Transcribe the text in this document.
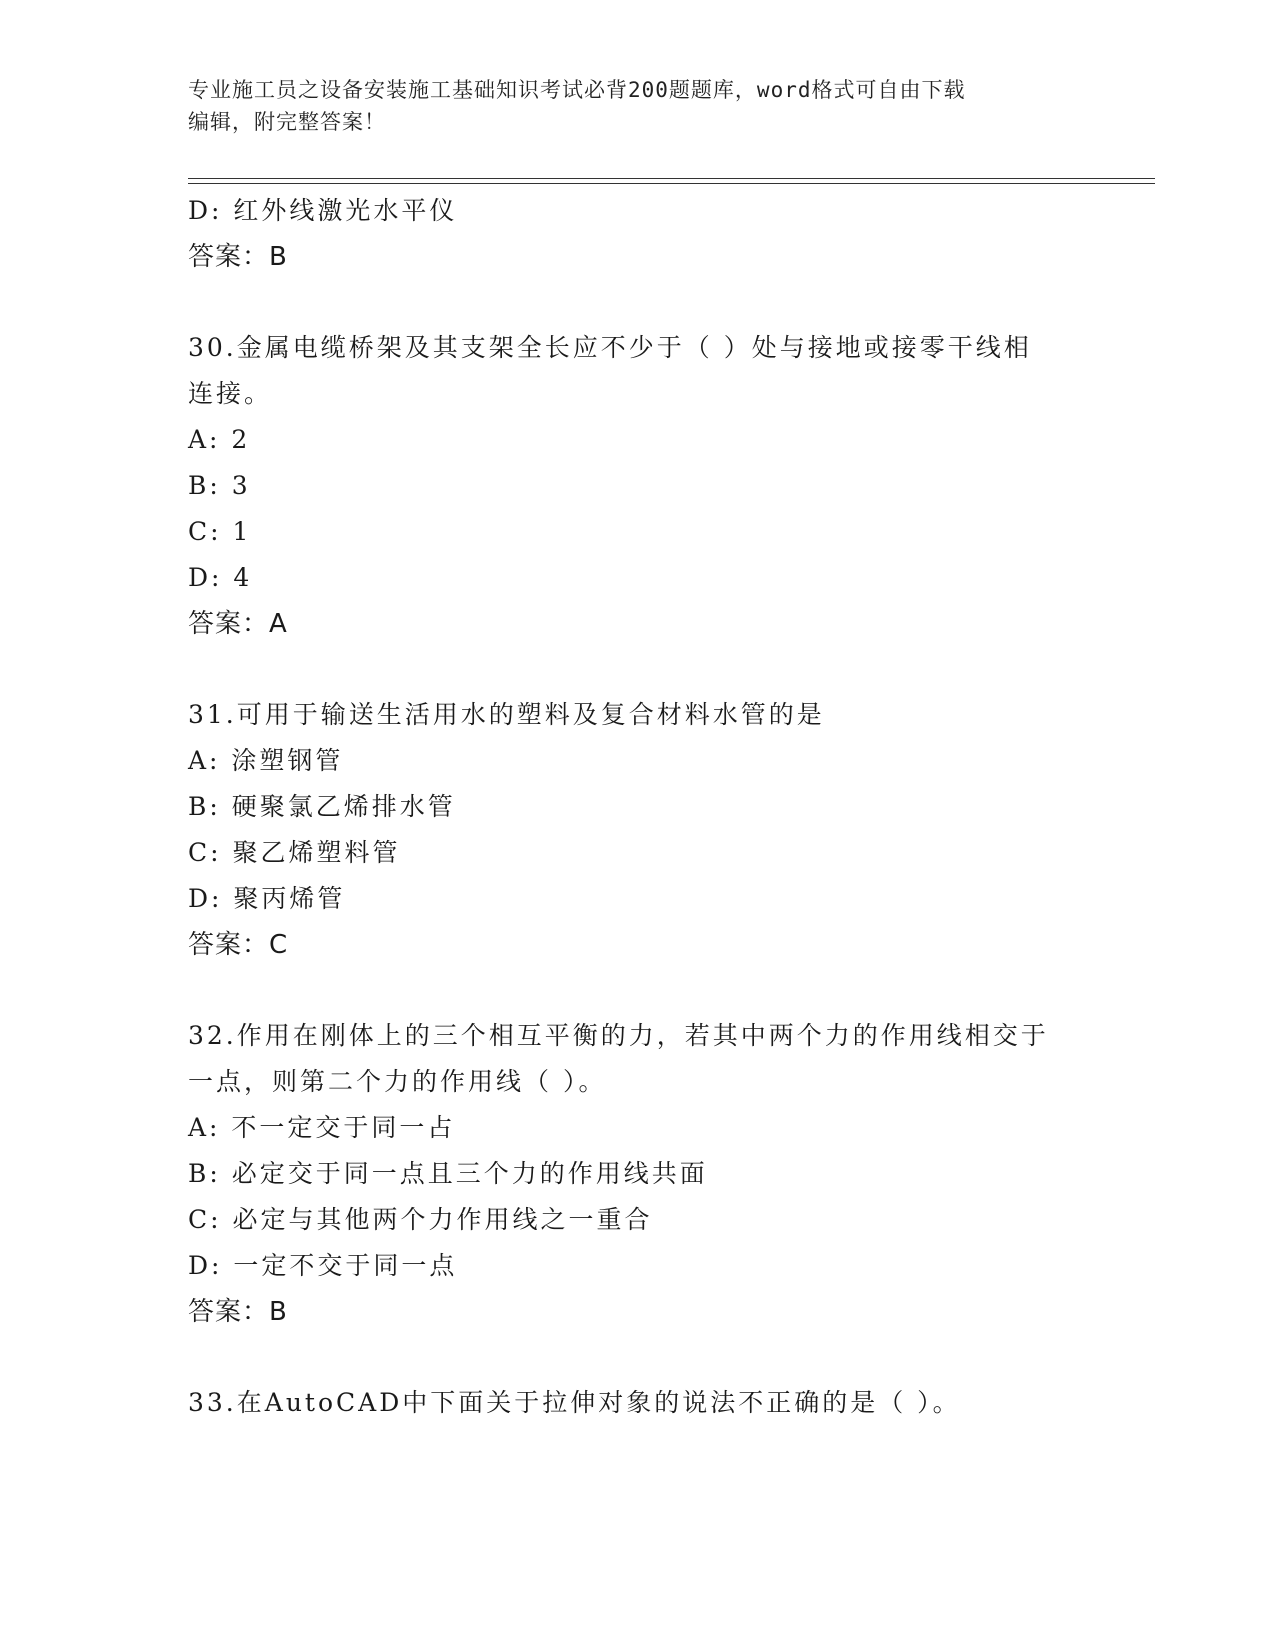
专业施工员之设备安装施工基础知识考试必背200题题库，word格式可自由下载
编辑，附完整答案！
D: 红外线激光水平仪
答案：B
30.金属电缆桥架及其支架全长应不少于（ ）处与接地或接零干线相
连接。
A: 2
B: 3
C: 1
D: 4
答案：A
31.可用于输送生活用水的塑料及复合材料水管的是
A: 涂塑钢管
B: 硬聚氯乙烯排水管
C: 聚乙烯塑料管
D: 聚丙烯管
答案：C
32.作用在刚体上的三个相互平衡的力，若其中两个力的作用线相交于
一点，则第二个力的作用线（ ）。
A: 不一定交于同一占
B: 必定交于同一点且三个力的作用线共面
C: 必定与其他两个力作用线之一重合
D: 一定不交于同一点
答案：B
33.在AutoCAD中下面关于拉伸对象的说法不正确的是（ ）。
